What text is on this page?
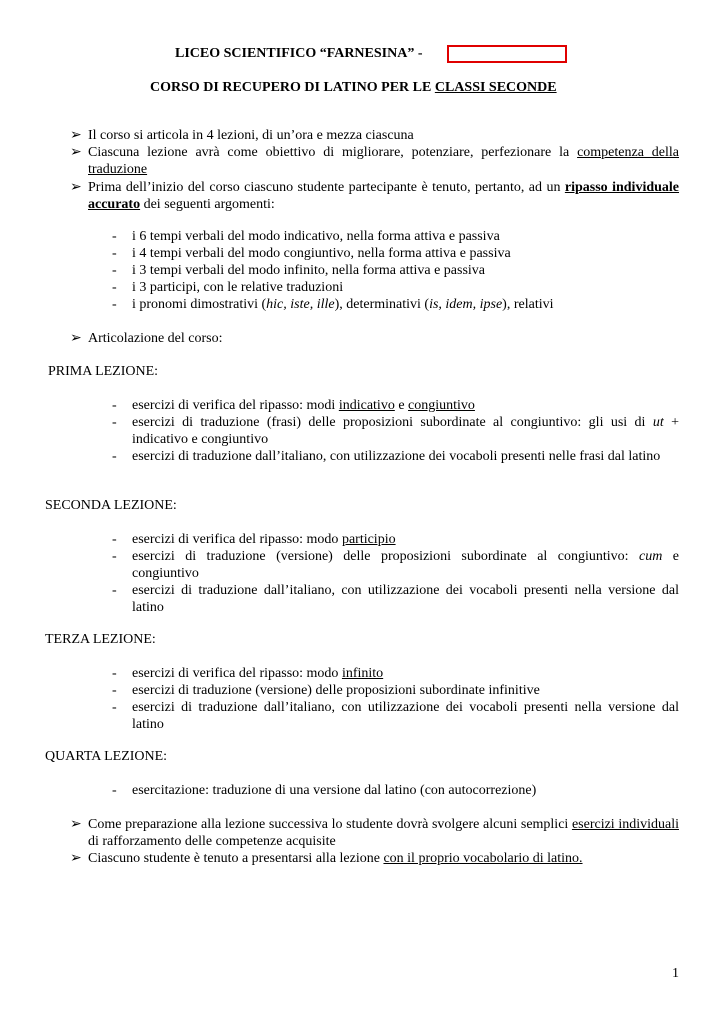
LICEO SCIENTIFICO “FARNESINA” -
CORSO DI RECUPERO DI LATINO PER LE CLASSI SECONDE
➢ Il corso si articola in 4 lezioni, di un’ora e mezza ciascuna
➢ Ciascuna lezione avrà come obiettivo di migliorare, potenziare, perfezionare la competenza della traduzione
➢ Prima dell’inizio del corso ciascuno studente partecipante è tenuto, pertanto, ad un ripasso individuale accurato dei seguenti argomenti:
- i 6 tempi verbali del modo indicativo, nella forma attiva e passiva
- i 4 tempi verbali del modo congiuntivo, nella forma attiva e passiva
- i 3 tempi verbali del modo infinito, nella forma attiva e passiva
- i 3 participi, con le relative traduzioni
- i pronomi dimostrativi (hic, iste, ille), determinativi (is, idem, ipse), relativi
➢ Articolazione del corso:
PRIMA LEZIONE:
- esercizi di verifica del ripasso: modi indicativo e congiuntivo
- esercizi di traduzione (frasi) delle proposizioni subordinate al congiuntivo: gli usi di ut + indicativo e congiuntivo
- esercizi di traduzione dall’italiano, con utilizzazione dei vocaboli presenti nelle frasi dal latino
SECONDA LEZIONE:
- esercizi di verifica del ripasso: modo participio
- esercizi di traduzione (versione) delle proposizioni subordinate al congiuntivo: cum e congiuntivo
- esercizi di traduzione dall’italiano, con utilizzazione dei vocaboli presenti nella versione dal latino
TERZA LEZIONE:
- esercizi di verifica del ripasso: modo infinito
- esercizi di traduzione (versione) delle proposizioni subordinate infinitive
- esercizi di traduzione dall’italiano, con utilizzazione dei vocaboli presenti nella versione dal latino
QUARTA LEZIONE:
- esercitazione: traduzione di una versione dal latino (con autocorrezione)
➢ Come preparazione alla lezione successiva lo studente dovrà svolgere alcuni semplici esercizi individuali di rafforzamento delle competenze acquisite
➢ Ciascuno studente è tenuto a presentarsi alla lezione con il proprio vocabolario di latino.
1
